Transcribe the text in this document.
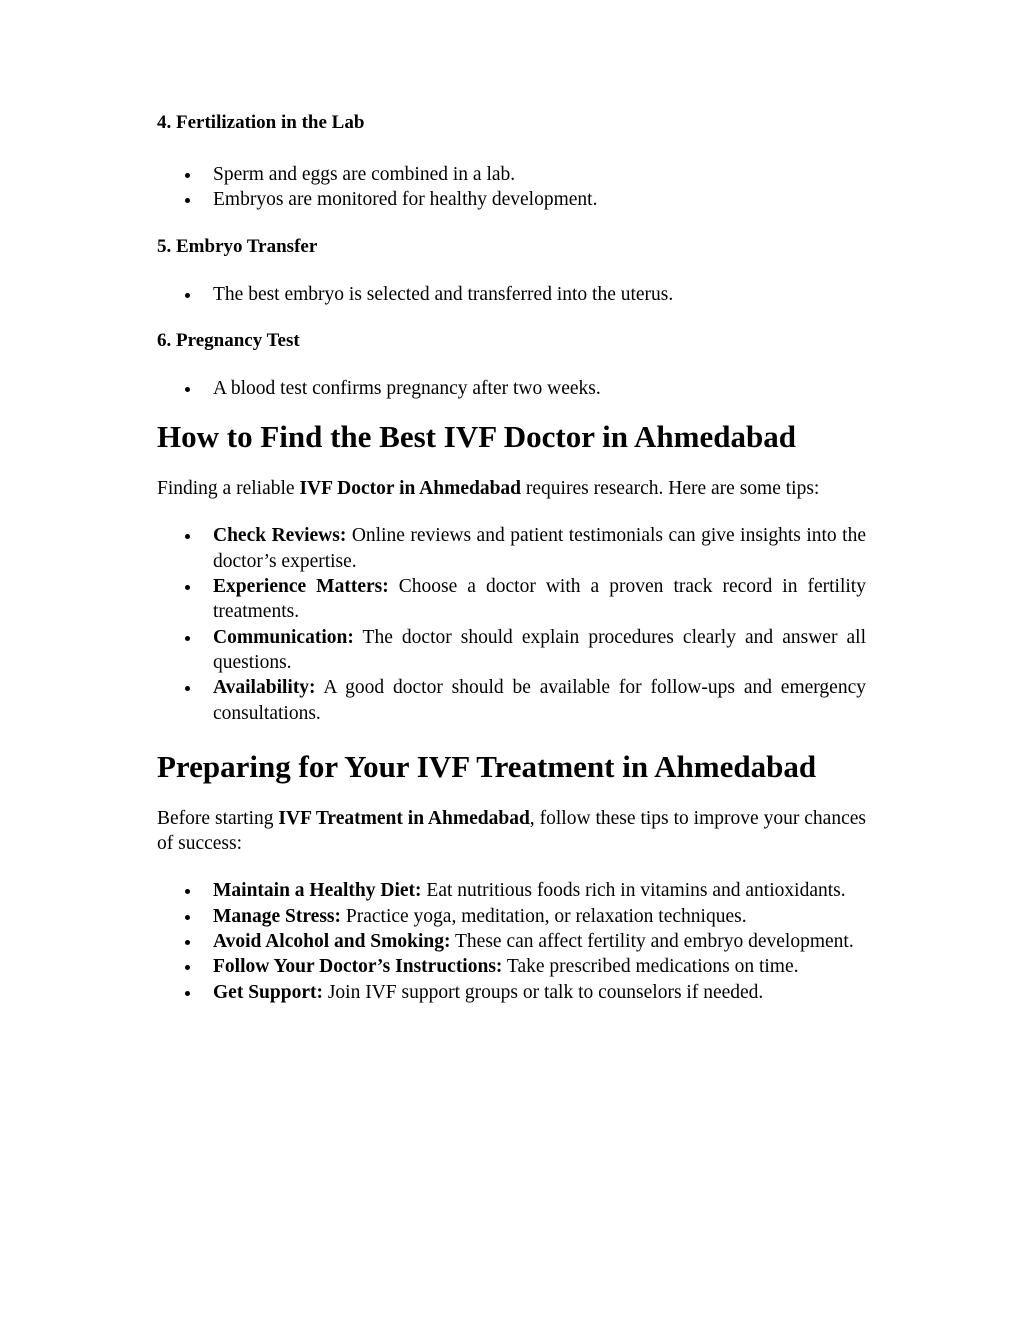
4. Fertilization in the Lab
Sperm and eggs are combined in a lab.
Embryos are monitored for healthy development.
5. Embryo Transfer
The best embryo is selected and transferred into the uterus.
6. Pregnancy Test
A blood test confirms pregnancy after two weeks.
How to Find the Best IVF Doctor in Ahmedabad

Finding a reliable IVF Doctor in Ahmedabad requires research. Here are some tips:

Check Reviews: Online reviews and patient testimonials can give insights into the doctor’s expertise.
Experience Matters: Choose a doctor with a proven track record in fertility treatments.
Communication: The doctor should explain procedures clearly and answer all questions.
Availability: A good doctor should be available for follow-ups and emergency consultations.
Preparing for Your IVF Treatment in Ahmedabad

Before starting IVF Treatment in Ahmedabad, follow these tips to improve your chances of success:

Maintain a Healthy Diet: Eat nutritious foods rich in vitamins and antioxidants.
Manage Stress: Practice yoga, meditation, or relaxation techniques.
Avoid Alcohol and Smoking: These can affect fertility and embryo development.
Follow Your Doctor’s Instructions: Take prescribed medications on time.
Get Support: Join IVF support groups or talk to counselors if needed.
